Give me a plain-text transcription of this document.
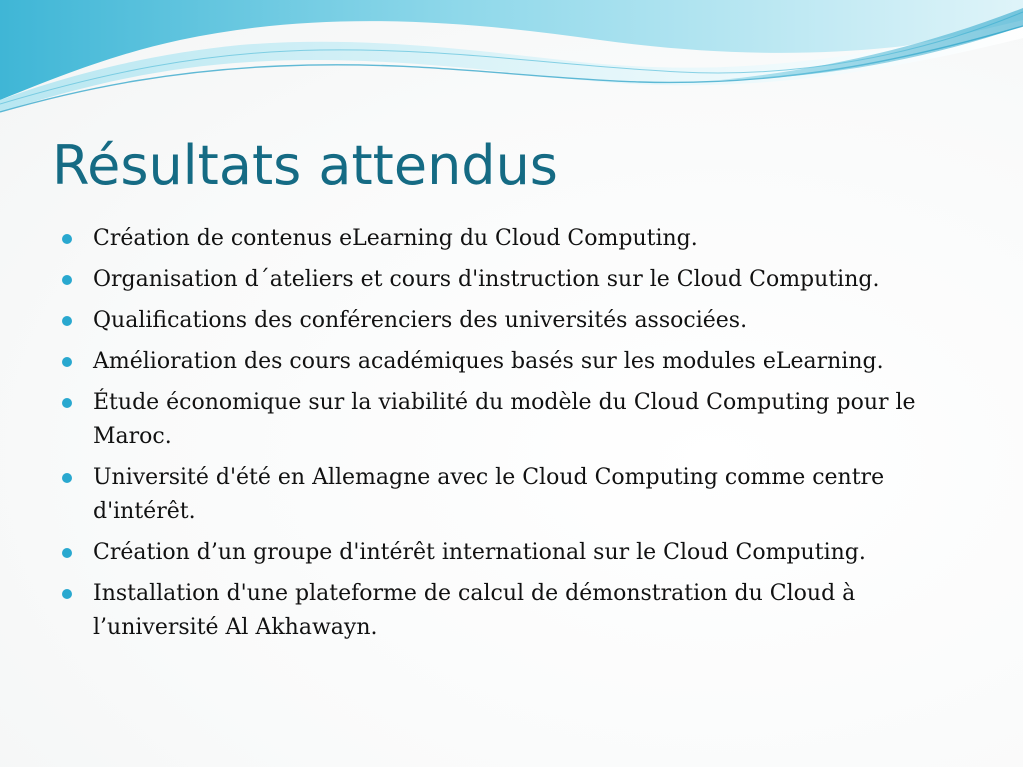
Résultats attendus
Création de contenus eLearning du Cloud Computing.
Organisation d´ateliers et cours d'instruction sur le Cloud Computing.
Qualifications des conférenciers des universités associées.
Amélioration des cours académiques basés sur les modules eLearning.
Étude économique sur la viabilité du modèle du Cloud Computing pour le Maroc.
Université d'été en Allemagne avec le Cloud Computing comme centre d'intérêt.
Création d’un groupe d'intérêt international sur le Cloud Computing.
Installation d'une plateforme de calcul de démonstration du Cloud à l’université Al Akhawayn.
